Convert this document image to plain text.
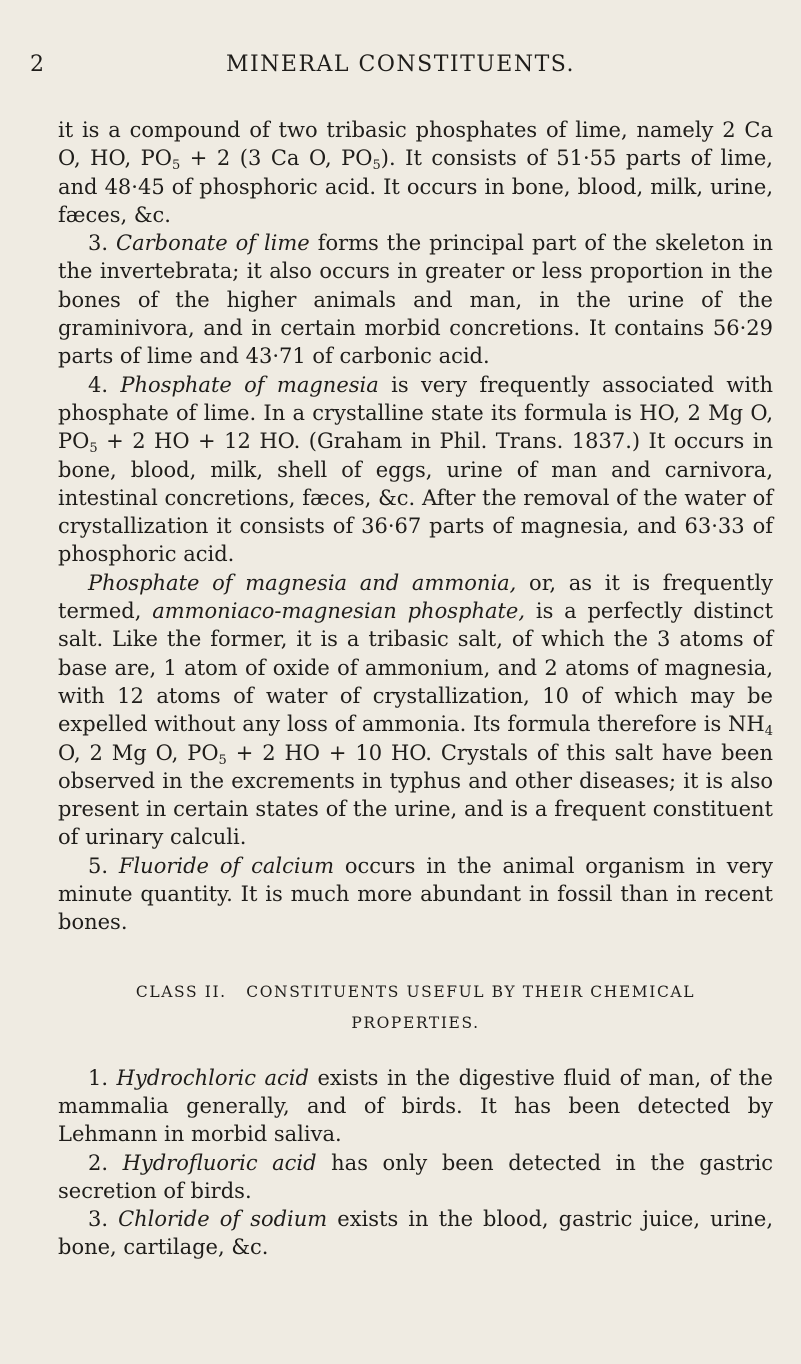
2	MINERAL CONSTITUENTS.

it is a compound of two tribasic phosphates of lime, namely 2 Ca O, HO, $PO_5 + 2$ (3 Ca O, $PO_5$). It consists of 51·55 parts of lime, and 48·45 of phosphoric acid. It occurs in bone, blood, milk, urine, fæces, &c.

3. Carbonate of lime forms the principal part of the skeleton in the invertebrata; it also occurs in greater or less proportion in the bones of the higher animals and man, in the urine of the graminivora, and in certain morbid concretions. It contains 56·29 parts of lime and 43·71 of carbonic acid.

4. Phosphate of magnesia is very frequently associated with phosphate of lime. In a crystalline state its formula is HO, 2 Mg O, $PO_5 + 2$ HO + 12 HO. (Graham in Phil. Trans. 1837.) It occurs in bone, blood, milk, shell of eggs, urine of man and carnivora, intestinal concretions, fæces, &c. After the removal of the water of crystallization it consists of 36·67 parts of magnesia, and 63·33 of phosphoric acid.

Phosphate of magnesia and ammonia, or, as it is frequently termed, ammoniaco-magnesian phosphate, is a perfectly distinct salt. Like the former, it is a tribasic salt, of which the 3 atoms of base are, 1 atom of oxide of ammonium, and 2 atoms of magnesia, with 12 atoms of water of crystallization, 10 of which may be expelled without any loss of ammonia. Its formula therefore is $NH_4$ O, 2 Mg O, $PO_5 + 2$ HO + 10 HO. Crystals of this salt have been observed in the excrements in typhus and other diseases; it is also present in certain states of the urine, and is a frequent constituent of urinary calculi.

5. Fluoride of calcium occurs in the animal organism in very minute quantity. It is much more abundant in fossil than in recent bones.

CLASS II.   CONSTITUENTS USEFUL BY THEIR CHEMICAL
PROPERTIES.

1. Hydrochloric acid exists in the digestive fluid of man, of the mammalia generally, and of birds. It has been detected by Lehmann in morbid saliva.

2. Hydrofluoric acid has only been detected in the gastric secretion of birds.

3. Chloride of sodium exists in the blood, gastric juice, urine, bone, cartilage, &c.
